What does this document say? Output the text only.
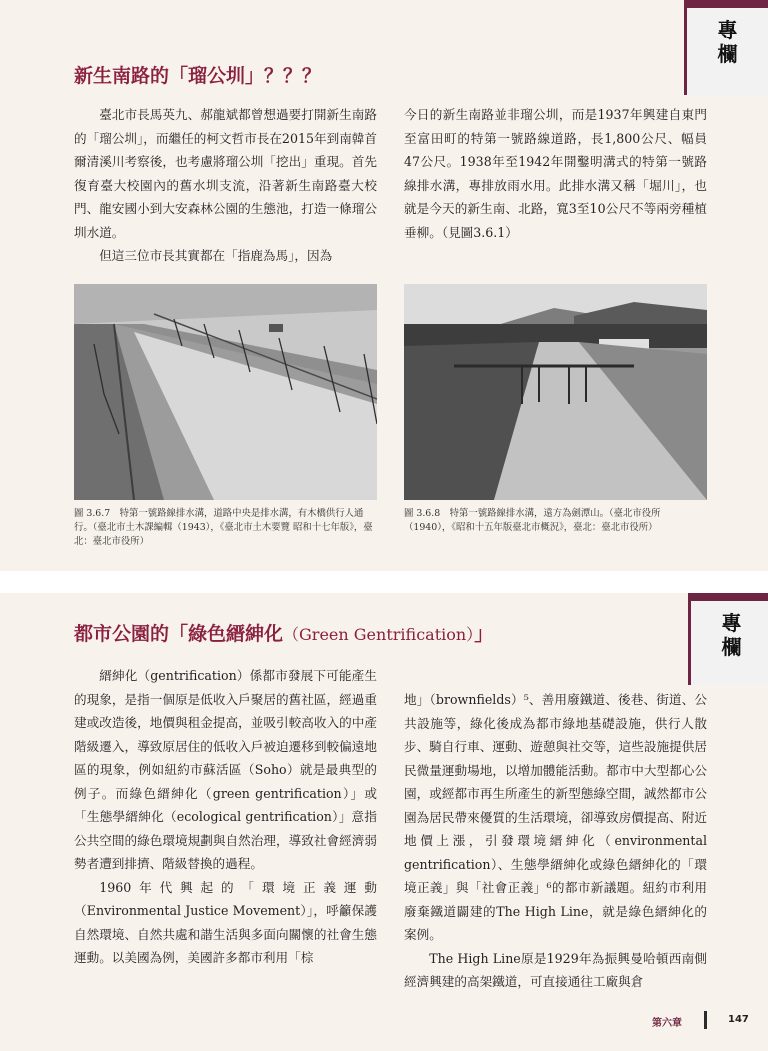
專欄
新生南路的「瑠公圳」？？？

臺北市長馬英九、郝龍斌都曾想過要打開新生南路的「瑠公圳」，而繼任的柯文哲市長在2015年到南韓首爾清溪川考察後，也考慮將瑠公圳「挖出」重現。首先復育臺大校園內的舊水圳支流，沿著新生南路臺大校門、龍安國小到大安森林公園的生態池，打造一條瑠公圳水道。

但這三位市長其實都在「指鹿為馬」，因為

今日的新生南路並非瑠公圳，而是1937年興建自東門至富田町的特第一號路線道路，長1,800公尺、幅員47公尺。1938年至1942年開鑿明溝式的特第一號路線排水溝，專排放雨水用。此排水溝又稱「堀川」，也就是今天的新生南、北路，寬3至10公尺不等兩旁種植垂柳。（見圖3.6.1）

圖 3.6.7　特第一號路線排水溝，道路中央是排水溝，有木橋供行人通行。（臺北市土木課編輯（1943），《臺北市土木要覽 昭和十七年版》，臺北：臺北市役所）
圖 3.6.8　特第一號路線排水溝，遠方為劍潭山。（臺北市役所（1940），《昭和十五年版臺北市概況》，臺北：臺北市役所）
專欄
都市公園的「綠色縉紳化（Green Gentrification）」

縉紳化（gentrification）係都市發展下可能產生的現象，是指一個原是低收入戶聚居的舊社區，經過重建或改造後，地價與租金提高，並吸引較高收入的中產階級遷入，導致原居住的低收入戶被迫遷移到較偏遠地區的現象，例如紐約市蘇活區（Soho）就是最典型的例子。而綠色縉紳化（green gentrification）」或「生態學縉紳化（ecological gentrification）」意指公共空間的綠色環境規劃與自然治理，導致社會經濟弱勢者遭到排擠、階級替換的過程。

1960年代興起的「環境正義運動（Environmental Justice Movement）」，呼籲保護自然環境、自然共處和諧生活與多面向關懷的社會生態運動。以美國為例，美國許多都市利用「棕

地」（brownfields）⁵、善用廢鐵道、後巷、街道、公共設施等，綠化後成為都市綠地基礎設施，供行人散步、騎自行車、運動、遊憩與社交等，這些設施提供居民微量運動場地，以增加體能活動。都市中大型都心公園，或經都市再生所產生的新型態綠空間，誠然都市公園為居民帶來優質的生活環境，卻導致房價提高、附近地價上漲，引發環境縉紳化（environmental gentrification）、生態學縉紳化或綠色縉紳化的「環境正義」與「社會正義」⁶的都市新議題。紐約市利用廢棄鐵道闢建的The High Line，就是綠色縉紳化的案例。

The High Line原是1929年為振興曼哈頓西南側經濟興建的高架鐵道，可直接通往工廠與倉

第六章	147
